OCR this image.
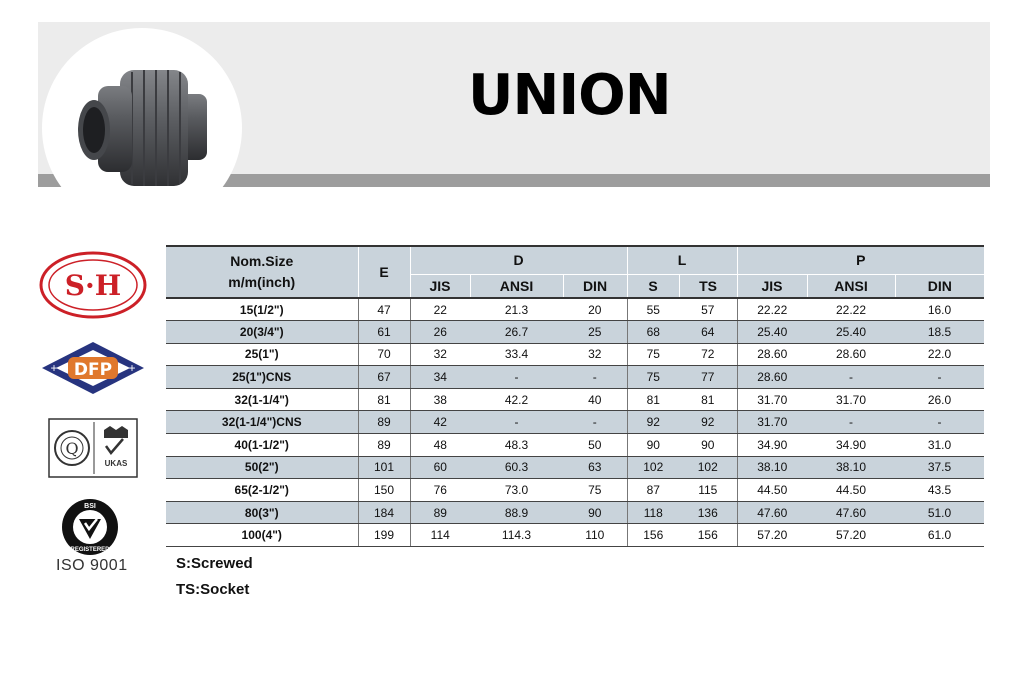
UNION
S·H
DFP
+	+
Q
UKAS
BSI
REGISTERED
ISO 9001
Nom.Size
m/m(inch)	E	D			L		P		
		JIS	ANSI	DIN	S	TS	JIS	ANSI	DIN
15(1/2")	47	22	21.3	20	55	57	22.22	22.22	16.0
20(3/4")	61	26	26.7	25	68	64	25.40	25.40	18.5
25(1")	70	32	33.4	32	75	72	28.60	28.60	22.0
25(1")CNS	67	34	-	-	75	77	28.60	-	-
32(1-1/4")	81	38	42.2	40	81	81	31.70	31.70	26.0
32(1-1/4")CNS	89	42	-	-	92	92	31.70	-	-
40(1-1/2")	89	48	48.3	50	90	90	34.90	34.90	31.0
50(2")	101	60	60.3	63	102	102	38.10	38.10	37.5
65(2-1/2")	150	76	73.0	75	87	115	44.50	44.50	43.5
80(3")	184	89	88.9	90	118	136	47.60	47.60	51.0
100(4")	199	114	114.3	110	156	156	57.20	57.20	61.0
S:Screwed
TS:Socket
